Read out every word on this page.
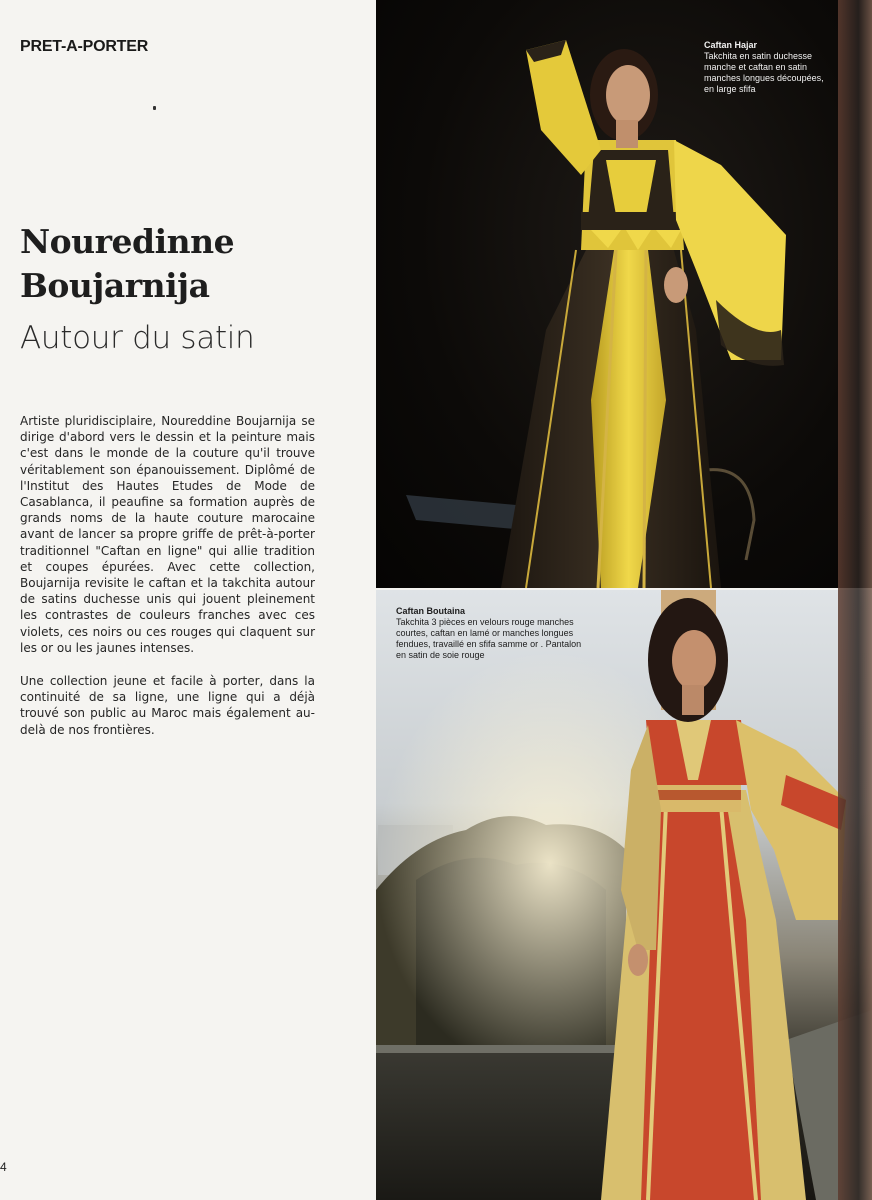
PRET-A-PORTER
Nouredinne
Boujarnija
Autour du satin

Artiste pluridisciplaire, Noureddine Boujarnija se dirige d'abord vers le dessin et la peinture mais c'est dans le monde de la couture qu'il trouve véritablement son épanouissement. Diplômé de l'Institut des Hautes Etudes de Mode de Casablanca, il peaufine sa formation auprès de grands noms de la haute couture marocaine avant de lancer sa propre griffe de prêt-à-porter traditionnel "Caftan en ligne" qui allie tradition et coupes épurées. Avec cette collection, Boujarnija revisite le caftan et la takchita autour de satins duchesse unis qui jouent pleinement les contrastes de couleurs franches avec ces violets, ces noirs ou ces rouges qui claquent sur les or ou les jaunes intenses.

Une collection jeune et facile à porter, dans la continuité de sa ligne, une ligne qui a déjà trouvé son public au Maroc mais également au-delà de nos frontières.

4
Caftan Hajar
Takchita en satin duchesse manche et caftan en satin manches longues découpées, en large sfifa
Caftan Boutaina
Takchita 3 pièces en velours rouge manches courtes, caftan en lamé or manches longues fendues, travaillé en sfifa samme or . Pantalon en satin de soie rouge
